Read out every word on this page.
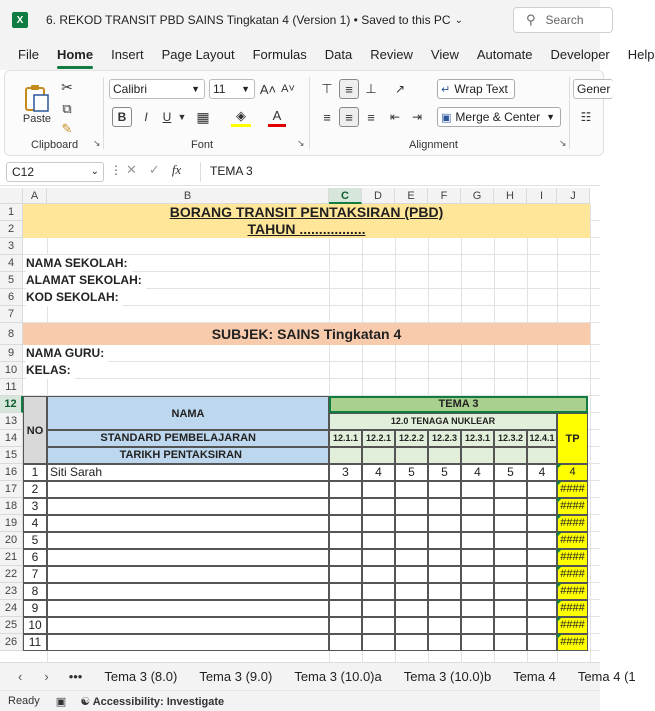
X	6. REKOD TRANSIT PBD SAINS Tingkatan 4 (Version 1) • Saved to this PC ⌄	⚲ Search
File Home Insert Page Layout Formulas Data Review View Automate Developer Help
Paste
✂
⧉
✎
Clipboard ↘
Calibri	▼ 11 ▼ A˄ A˅
B	I	U ▼ ▦	◈	A
Font	↘
⊤ ≡ ⊥	↗
≡	≡	≡	⇤ ⇥
↵ Wrap Text
▣ Merge & Center ▼
Alignment	↘
Gener
☷
C12	⌄ ⋮ ✕ ✓ fx TEMA 3
A	B	C	D	E	F	G	H	I	J
1
2
3
4
5
6
7
8
9
10
11
12
13
14
15
16
17
18
19
20
21
22
23
24
25
26
BORANG TRANSIT PENTAKSIRAN (PBD)
TAHUN .................
NAMA SEKOLAH:
ALAMAT SEKOLAH:
KOD SEKOLAH:
NAMA GURU:
KELAS:
SUBJEK: SAINS Tingkatan 4
NO
NAMA
STANDARD PEMBELAJARAN
TARIKH PENTAKSIRAN
TEMA 3
12.0 TENAGA NUKLEAR
12.1.1 12.2.1 12.2.2 12.2.3 12.3.1 12.3.2 12.4.1 TP
1 Siti Sarah	3	4	5	5	4	5	4	4
2	####
3	####
4	####
5	####
6	####
7	####
8	####
9	####
10	####
11	####
‹ › ••• Tema 3 (8.0) Tema 3 (9.0) Tema 3 (10.0)a Tema 3 (10.0)b Tema 4 Tema 4 (1
Ready ▣ ☯ Accessibility: Investigate
